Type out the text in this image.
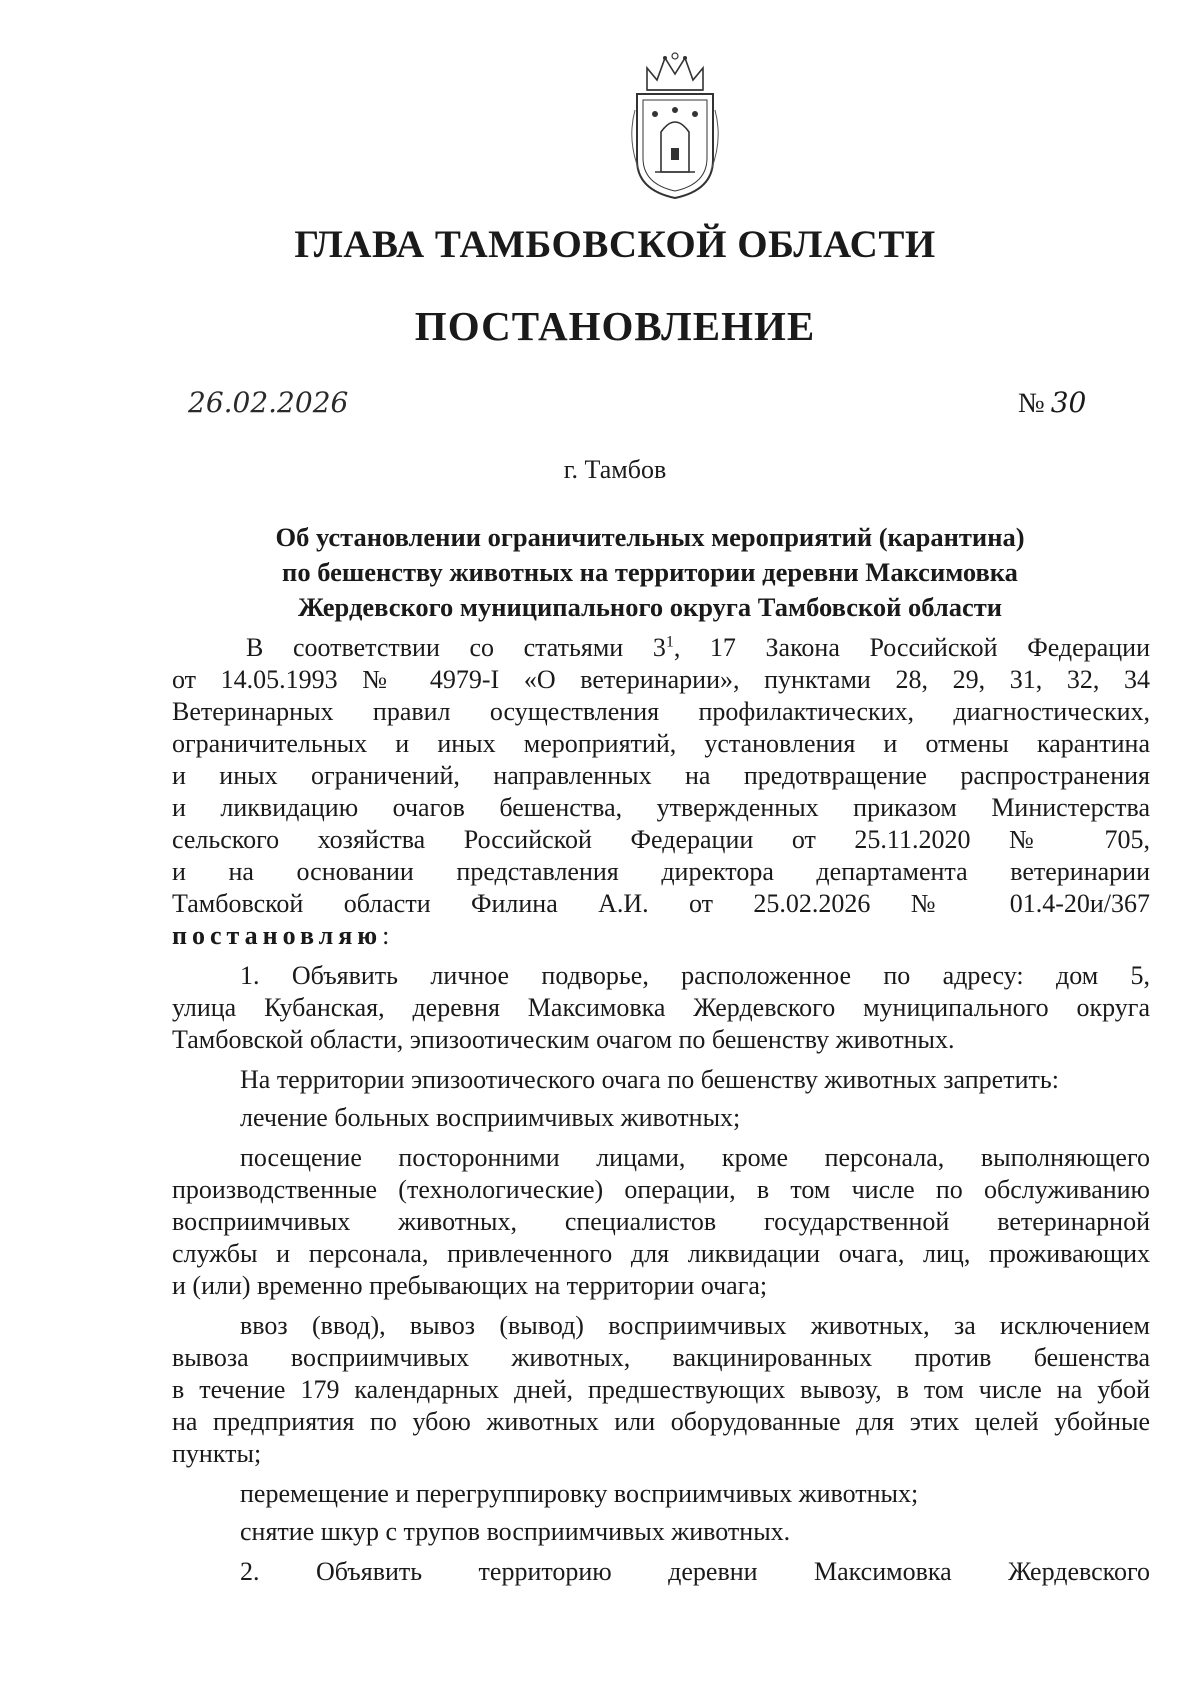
ГЛАВА ТАМБОВСКОЙ ОБЛАСТИ
ПОСТАНОВЛЕНИЕ
26.02.2026	№ 30
г. Тамбов
Об установлении ограничительных мероприятий (карантина)
по бешенству животных на территории деревни Максимовка
Жердевского муниципального округа Тамбовской области
В соответствии со статьями $3^1$, 17 Закона Российской Федерации
от 14.05.1993 № 4979-I «О ветеринарии», пунктами 28, 29, 31, 32, 34
Ветеринарных правил осуществления профилактических, диагностических,
ограничительных и иных мероприятий, установления и отмены карантина
и иных ограничений, направленных на предотвращение распространения
и ликвидацию очагов бешенства, утвержденных приказом Министерства
сельского хозяйства Российской Федерации от 25.11.2020 № 705,
и на основании представления директора департамента ветеринарии
Тамбовской области Филина А.И. от 25.02.2026 № 01.4-20и/367
постановляю:
1. Объявить личное подворье, расположенное по адресу: дом 5,
улица Кубанская, деревня Максимовка Жердевского муниципального округа
Тамбовской области, эпизоотическим очагом по бешенству животных.
На территории эпизоотического очага по бешенству животных запретить:
лечение больных восприимчивых животных;
посещение посторонними лицами, кроме персонала, выполняющего
производственные (технологические) операции, в том числе по обслуживанию
восприимчивых животных, специалистов государственной ветеринарной
службы и персонала, привлеченного для ликвидации очага, лиц, проживающих
и (или) временно пребывающих на территории очага;
ввоз (ввод), вывоз (вывод) восприимчивых животных, за исключением
вывоза восприимчивых животных, вакцинированных против бешенства
в течение 179 календарных дней, предшествующих вывозу, в том числе на убой
на предприятия по убою животных или оборудованные для этих целей убойные
пункты;
перемещение и перегруппировку восприимчивых животных;
снятие шкур с трупов восприимчивых животных.
2. Объявить территорию деревни Максимовка Жердевского
